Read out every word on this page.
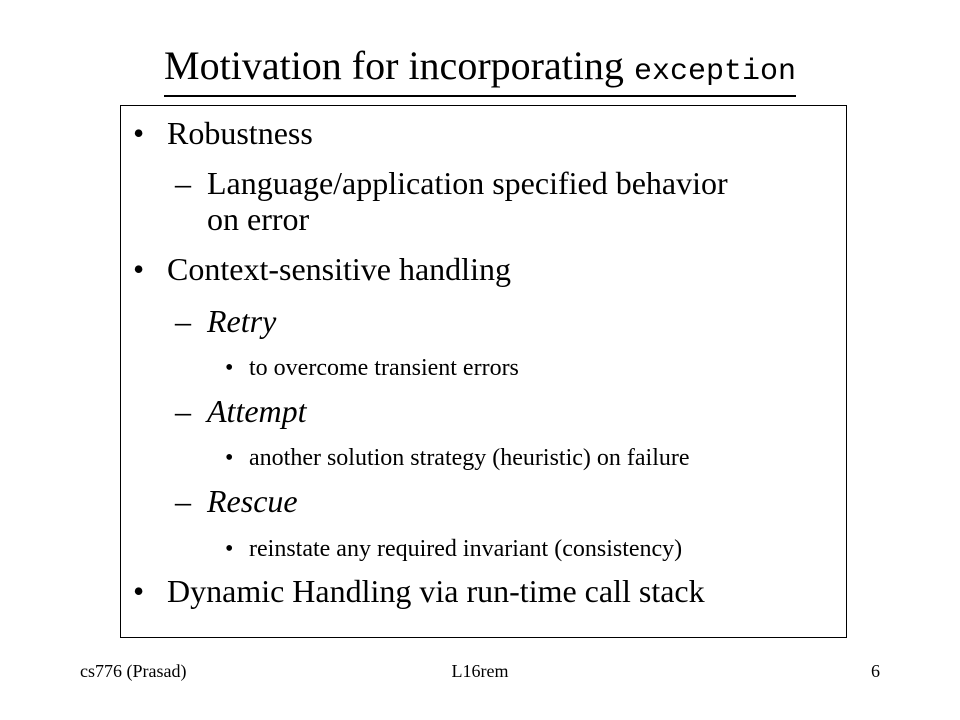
Motivation for incorporating exception
• Robustness
– Language/application specified behavior
on error
• Context-sensitive handling
– Retry
• to overcome transient errors
– Attempt
• another solution strategy (heuristic) on failure
– Rescue
• reinstate any required invariant (consistency)
• Dynamic Handling via run-time call stack
cs776 (Prasad)	L16rem	6
